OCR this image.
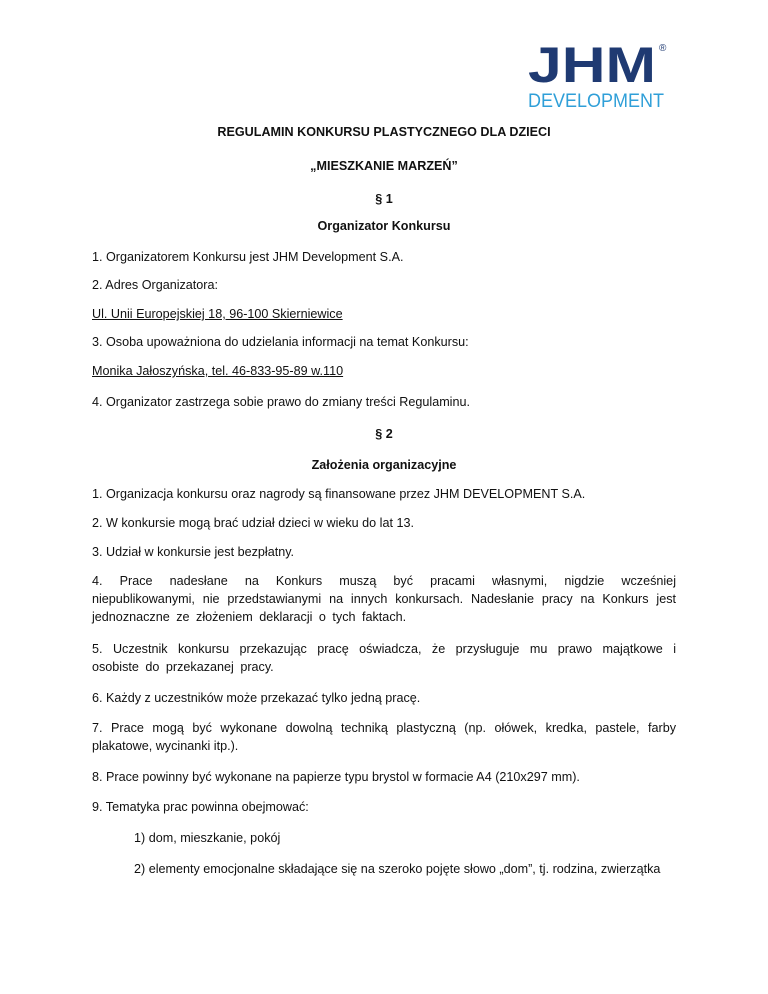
JHM ®
DEVELOPMENT
REGULAMIN KONKURSU PLASTYCZNEGO DLA DZIECI
„MIESZKANIE MARZEŃ”
§ 1
Organizator Konkursu
1. Organizatorem Konkursu jest JHM Development S.A.
2. Adres Organizatora:
Ul. Unii Europejskiej 18, 96-100 Skierniewice
3. Osoba upoważniona do udzielania informacji na temat Konkursu:
Monika Jałoszyńska, tel. 46-833-95-89 w.110
4. Organizator zastrzega sobie prawo do zmiany treści Regulaminu.
§ 2
Założenia organizacyjne
1. Organizacja konkursu oraz nagrody są finansowane przez JHM DEVELOPMENT S.A.
2. W konkursie mogą brać udział dzieci w wieku do lat 13.
3. Udział w konkursie jest bezpłatny.
4. Prace nadesłane na Konkurs muszą być pracami własnymi, nigdzie wcześniej niepublikowanymi, nie przedstawianymi na innych konkursach. Nadesłanie pracy na Konkurs jest jednoznaczne ze złożeniem deklaracji o tych faktach.
5. Uczestnik konkursu przekazując pracę oświadcza, że przysługuje mu prawo majątkowe i osobiste do przekazanej pracy.
6. Każdy z uczestników może przekazać tylko jedną pracę.
7. Prace mogą być wykonane dowolną techniką plastyczną (np. ołówek, kredka, pastele, farby plakatowe, wycinanki itp.).
8. Prace powinny być wykonane na papierze typu brystol w formacie A4 (210x297 mm).
9. Tematyka prac powinna obejmować:
1) dom, mieszkanie, pokój
2) elementy emocjonalne składające się na szeroko pojęte słowo „dom”, tj. rodzina, zwierzątka
